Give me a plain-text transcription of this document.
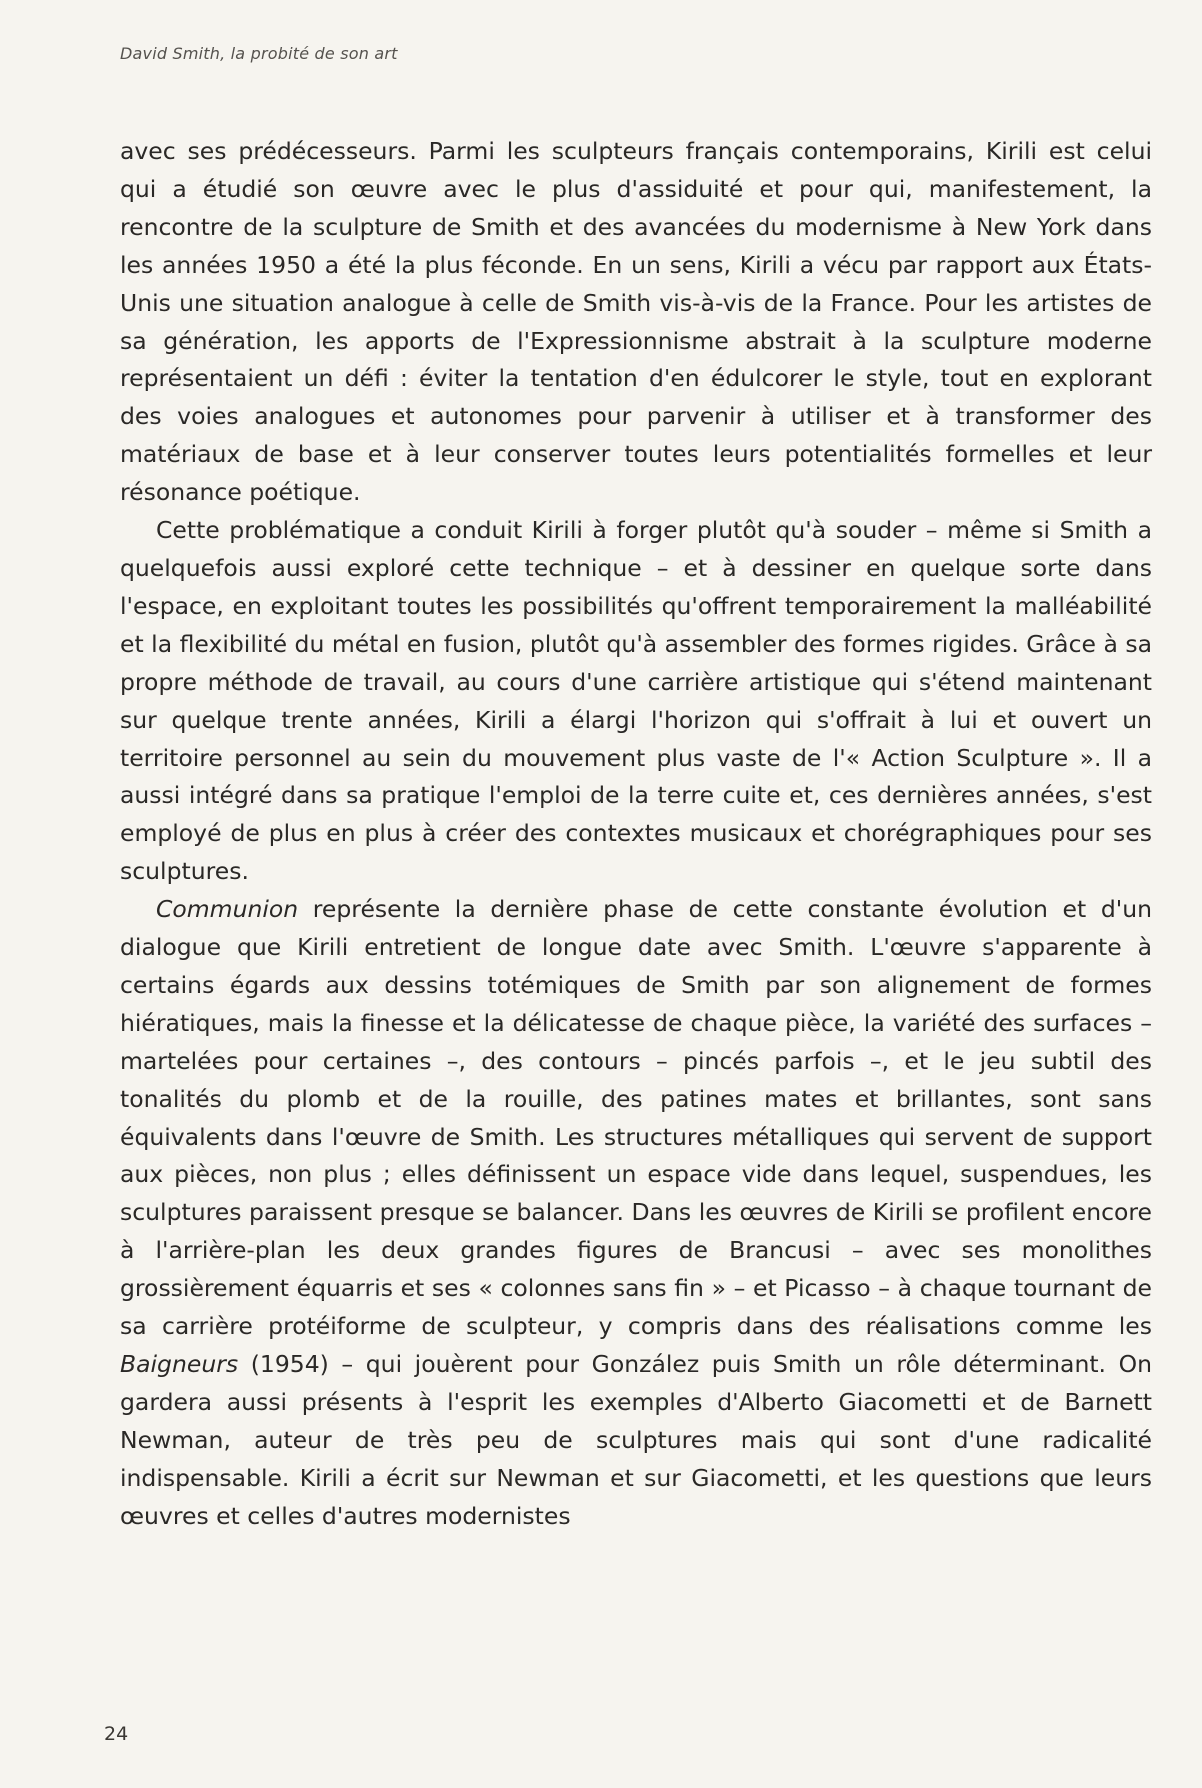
David Smith, la probité de son art

avec ses prédécesseurs. Parmi les sculpteurs français contemporains, Kirili est celui qui a étudié son œuvre avec le plus d'assiduité et pour qui, manifestement, la rencontre de la sculpture de Smith et des avancées du modernisme à New York dans les années 1950 a été la plus féconde. En un sens, Kirili a vécu par rapport aux États-Unis une situation analogue à celle de Smith vis-à-vis de la France. Pour les artistes de sa génération, les apports de l'Expressionnisme abstrait à la sculpture moderne représentaient un défi : éviter la tentation d'en édulcorer le style, tout en explorant des voies analogues et autonomes pour parvenir à utiliser et à transformer des matériaux de base et à leur conserver toutes leurs potentialités formelles et leur résonance poétique.

Cette problématique a conduit Kirili à forger plutôt qu'à souder – même si Smith a quelquefois aussi exploré cette technique – et à dessiner en quelque sorte dans l'espace, en exploitant toutes les possibilités qu'offrent temporairement la malléabilité et la flexibilité du métal en fusion, plutôt qu'à assembler des formes rigides. Grâce à sa propre méthode de travail, au cours d'une carrière artistique qui s'étend maintenant sur quelque trente années, Kirili a élargi l'horizon qui s'offrait à lui et ouvert un territoire personnel au sein du mouvement plus vaste de l'« Action Sculpture ». Il a aussi intégré dans sa pratique l'emploi de la terre cuite et, ces dernières années, s'est employé de plus en plus à créer des contextes musicaux et chorégraphiques pour ses sculptures.

Communion représente la dernière phase de cette constante évolution et d'un dialogue que Kirili entretient de longue date avec Smith. L'œuvre s'apparente à certains égards aux dessins totémiques de Smith par son alignement de formes hiératiques, mais la finesse et la délicatesse de chaque pièce, la variété des surfaces – martelées pour certaines –, des contours – pincés parfois –, et le jeu subtil des tonalités du plomb et de la rouille, des patines mates et brillantes, sont sans équivalents dans l'œuvre de Smith. Les structures métalliques qui servent de support aux pièces, non plus ; elles définissent un espace vide dans lequel, suspendues, les sculptures paraissent presque se balancer. Dans les œuvres de Kirili se profilent encore à l'arrière-plan les deux grandes figures de Brancusi – avec ses monolithes grossièrement équarris et ses « colonnes sans fin » – et Picasso – à chaque tournant de sa carrière protéiforme de sculpteur, y compris dans des réalisations comme les Baigneurs (1954) – qui jouèrent pour González puis Smith un rôle déterminant. On gardera aussi présents à l'esprit les exemples d'Alberto Giacometti et de Barnett Newman, auteur de très peu de sculptures mais qui sont d'une radicalité indispensable. Kirili a écrit sur Newman et sur Giacometti, et les questions que leurs œuvres et celles d'autres modernistes

24
